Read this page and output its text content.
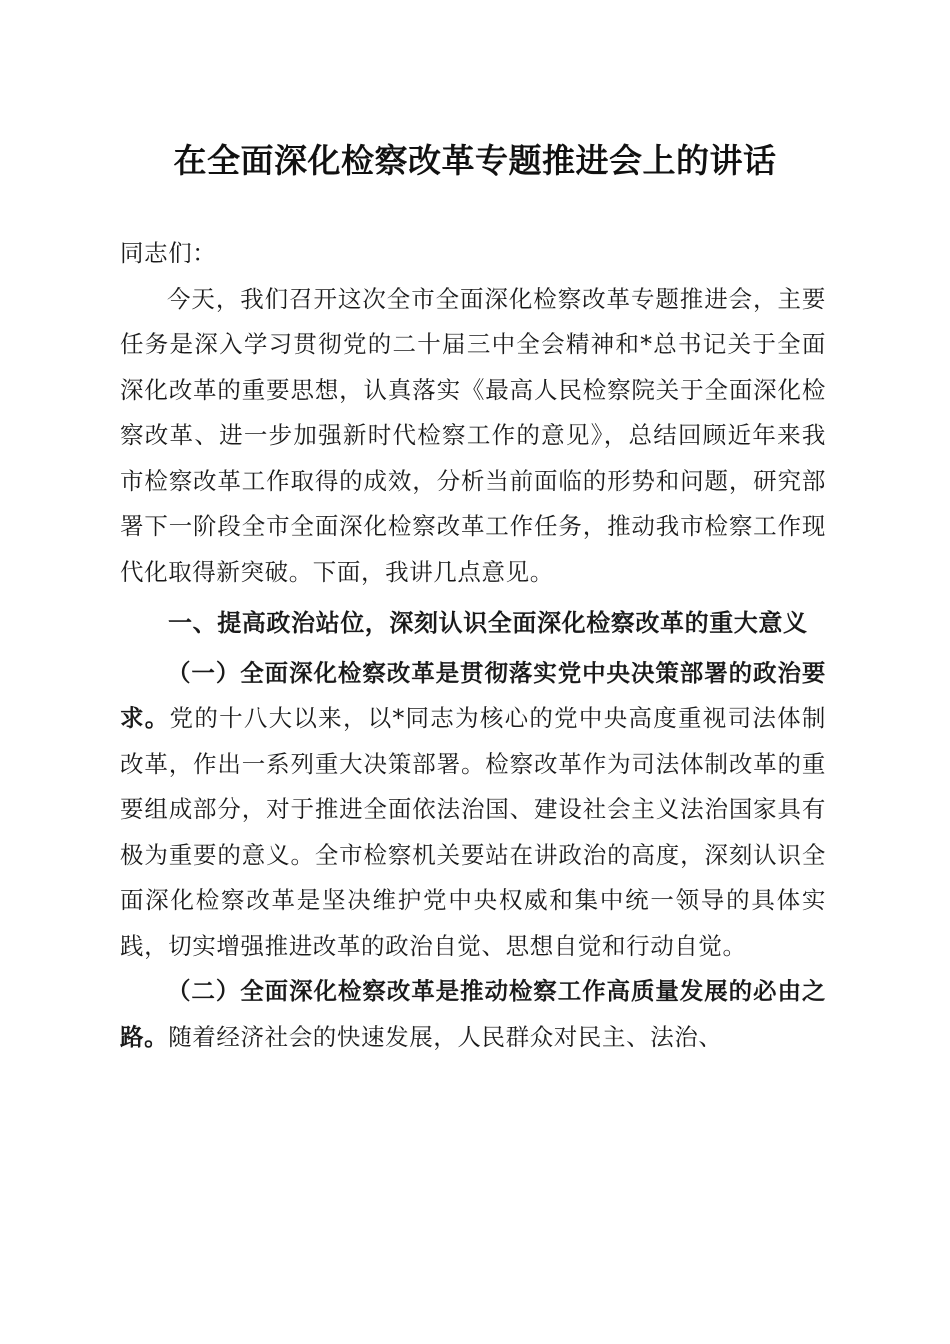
在全面深化检察改革专题推进会上的讲话

同志们：

今天，我们召开这次全市全面深化检察改革专题推进会，主要任务是深入学习贯彻党的二十届三中全会精神和*总书记关于全面深化改革的重要思想，认真落实《最高人民检察院关于全面深化检察改革、进一步加强新时代检察工作的意见》，总结回顾近年来我市检察改革工作取得的成效，分析当前面临的形势和问题，研究部署下一阶段全市全面深化检察改革工作任务，推动我市检察工作现代化取得新突破。下面，我讲几点意见。

一、提高政治站位，深刻认识全面深化检察改革的重大意义

（一）全面深化检察改革是贯彻落实党中央决策部署的政治要求。党的十八大以来，以*同志为核心的党中央高度重视司法体制改革，作出一系列重大决策部署。检察改革作为司法体制改革的重要组成部分，对于推进全面依法治国、建设社会主义法治国家具有极为重要的意义。全市检察机关要站在讲政治的高度，深刻认识全面深化检察改革是坚决维护党中央权威和集中统一领导的具体实践，切实增强推进改革的政治自觉、思想自觉和行动自觉。

（二）全面深化检察改革是推动检察工作高质量发展的必由之路。随着经济社会的快速发展，人民群众对民主、法治、
